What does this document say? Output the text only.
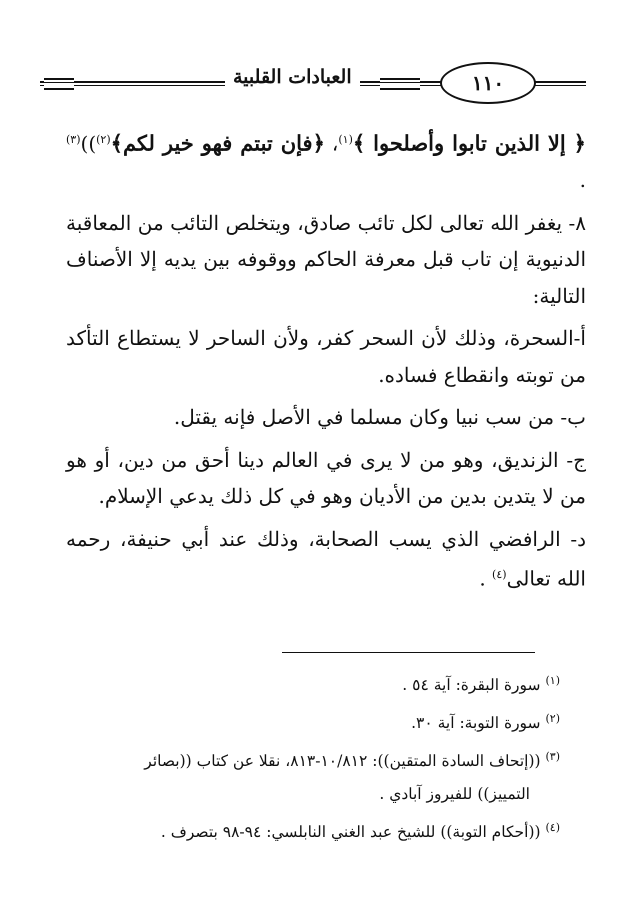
العبادات القلبية	١١٠

﴿ إلا الذين تابوا وأصلحوا ﴾$^{(١)}$، ﴿فإن تبتم فهو خير لكم﴾$^{(٢)}$))$^{(٣)}$ .

٨- يغفر الله تعالى لكل تائب صادق، ويتخلص التائب من المعاقبة الدنيوية إن تاب قبل معرفة الحاكم ووقوفه بين يديه إلا الأصناف التالية:

أ-السحرة، وذلك لأن السحر كفر، ولأن الساحر لا يستطاع التأكد من توبته وانقطاع فساده.

ب- من سب نبيا وكان مسلما في الأصل فإنه يقتل.

ج- الزنديق، وهو من لا يرى في العالم دينا أحق من دين، أو هو من لا يتدين بدين من الأديان وهو في كل ذلك يدعي الإسلام.

د- الرافضي الذي يسب الصحابة، وذلك عند أبي حنيفة، رحمه الله تعالى$^{(٤)}$ .

$^{(١)}$ سورة البقرة: آية ٥٤ .

$^{(٢)}$ سورة التوبة: آية ٣٠.

$^{(٣)}$ ((إتحاف السادة المتقين)): ١٠/٨١٢-٨١٣، نقلا عن كتاب ((بصائر

التمييز)) للفيروز آبادي .

$^{(٤)}$ ((أحكام التوبة)) للشيخ عبد الغني النابلسي: ٩٤-٩٨ بتصرف .
